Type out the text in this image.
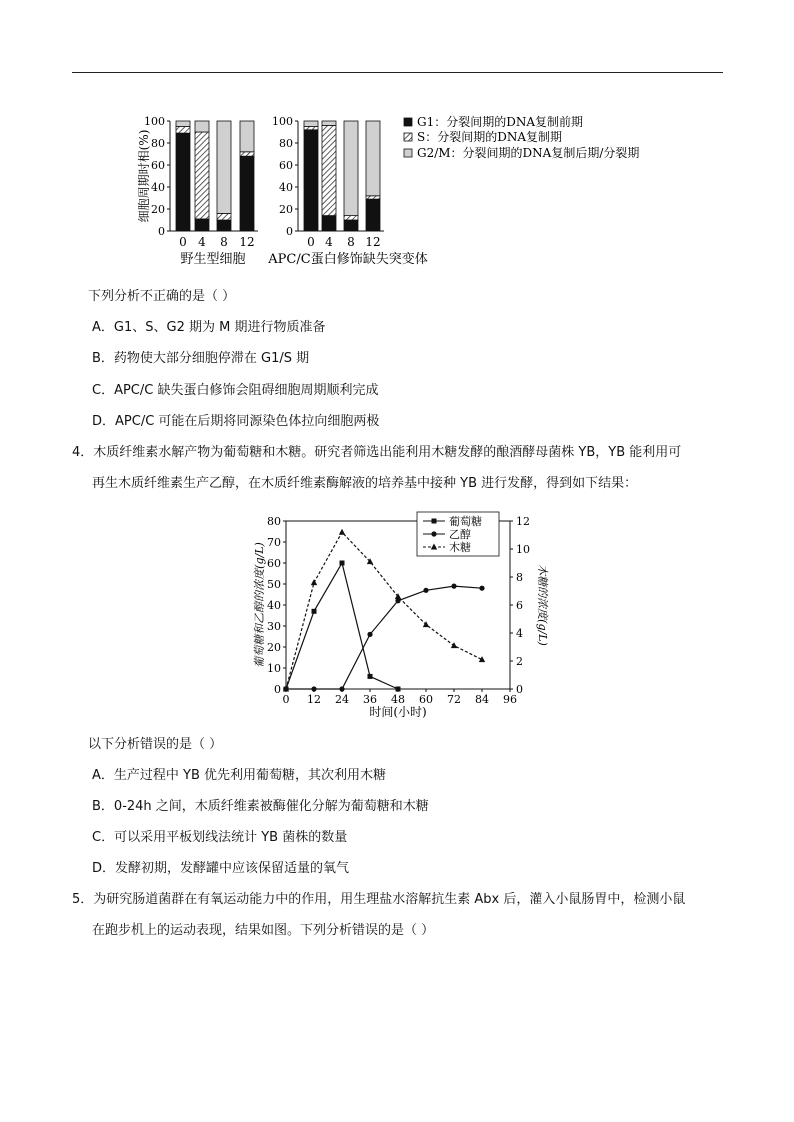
0
20
40
60
80
100
0 4 8 12
野生型细胞
0
20
40
60
80
100
0 4 8 12
APC/C蛋白修饰缺失突变体
细胞周期时相(%)
G1：分裂间期的DNA复制前期
S：分裂间期的DNA复制期
G2/M：分裂间期的DNA复制后期/分裂期
0 12 24 36 48 60 72 84 96
0
10
20
30
40
50
60
70
80
0
2
4
6
8
10
12
时间(小时)
葡萄糖和乙醇的浓度(g/L)	木糖的浓度(g/L)
葡萄糖
乙醇
木糖
下列分析不正确的是（ ）
A．G1、S、G2 期为 M 期进行物质准备
B．药物使大部分细胞停滞在 G1/S 期
C．APC/C 缺失蛋白修饰会阻碍细胞周期顺利完成
D．APC/C 可能在后期将同源染色体拉向细胞两极
4．木质纤维素水解产物为葡萄糖和木糖。研究者筛选出能利用木糖发酵的酿酒酵母菌株 YB，YB 能利用可
再生木质纤维素生产乙醇，在木质纤维素酶解液的培养基中接种 YB 进行发酵，得到如下结果：
以下分析错误的是（ ）
A．生产过程中 YB 优先利用葡萄糖，其次利用木糖
B．0-24h 之间，木质纤维素被酶催化分解为葡萄糖和木糖
C．可以采用平板划线法统计 YB 菌株的数量
D．发酵初期，发酵罐中应该保留适量的氧气
5．为研究肠道菌群在有氧运动能力中的作用，用生理盐水溶解抗生素 Abx 后，灌入小鼠肠胃中，检测小鼠
在跑步机上的运动表现，结果如图。下列分析错误的是（ ）
